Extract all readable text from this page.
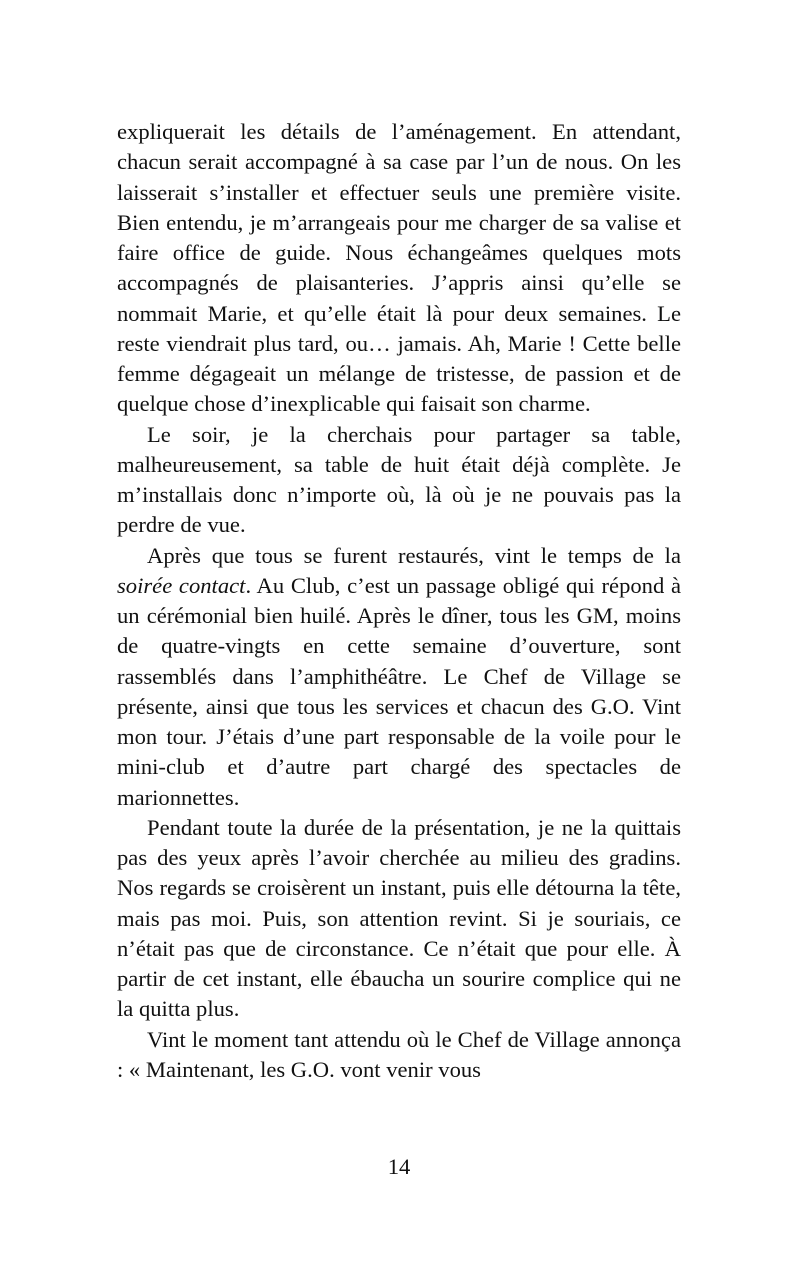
expliquerait les détails de l’aménagement. En attendant, chacun serait accompagné à sa case par l’un de nous. On les laisserait s’installer et effectuer seuls une première visite. Bien entendu, je m’arrangeais pour me charger de sa valise et faire office de guide. Nous échangeâmes quelques mots accompagnés de plaisanteries. J’appris ainsi qu’elle se nommait Marie, et qu’elle était là pour deux semaines. Le reste viendrait plus tard, ou… jamais. Ah, Marie ! Cette belle femme dégageait un mélange de tristesse, de passion et de quelque chose d’inexplicable qui faisait son charme.

Le soir, je la cherchais pour partager sa table, malheureusement, sa table de huit était déjà complète. Je m’installais donc n’importe où, là où je ne pouvais pas la perdre de vue.

Après que tous se furent restaurés, vint le temps de la soirée contact. Au Club, c’est un passage obligé qui répond à un cérémonial bien huilé. Après le dîner, tous les GM, moins de quatre-vingts en cette semaine d’ouverture, sont rassemblés dans l’amphithéâtre. Le Chef de Village se présente, ainsi que tous les services et chacun des G.O. Vint mon tour. J’étais d’une part responsable de la voile pour le mini-club et d’autre part chargé des spectacles de marionnettes.

Pendant toute la durée de la présentation, je ne la quittais pas des yeux après l’avoir cherchée au milieu des gradins. Nos regards se croisèrent un instant, puis elle détourna la tête, mais pas moi. Puis, son attention revint. Si je souriais, ce n’était pas que de circonstance. Ce n’était que pour elle. À partir de cet instant, elle ébaucha un sourire complice qui ne la quitta plus.

Vint le moment tant attendu où le Chef de Village annonça : « Maintenant, les G.O. vont venir vous

14
